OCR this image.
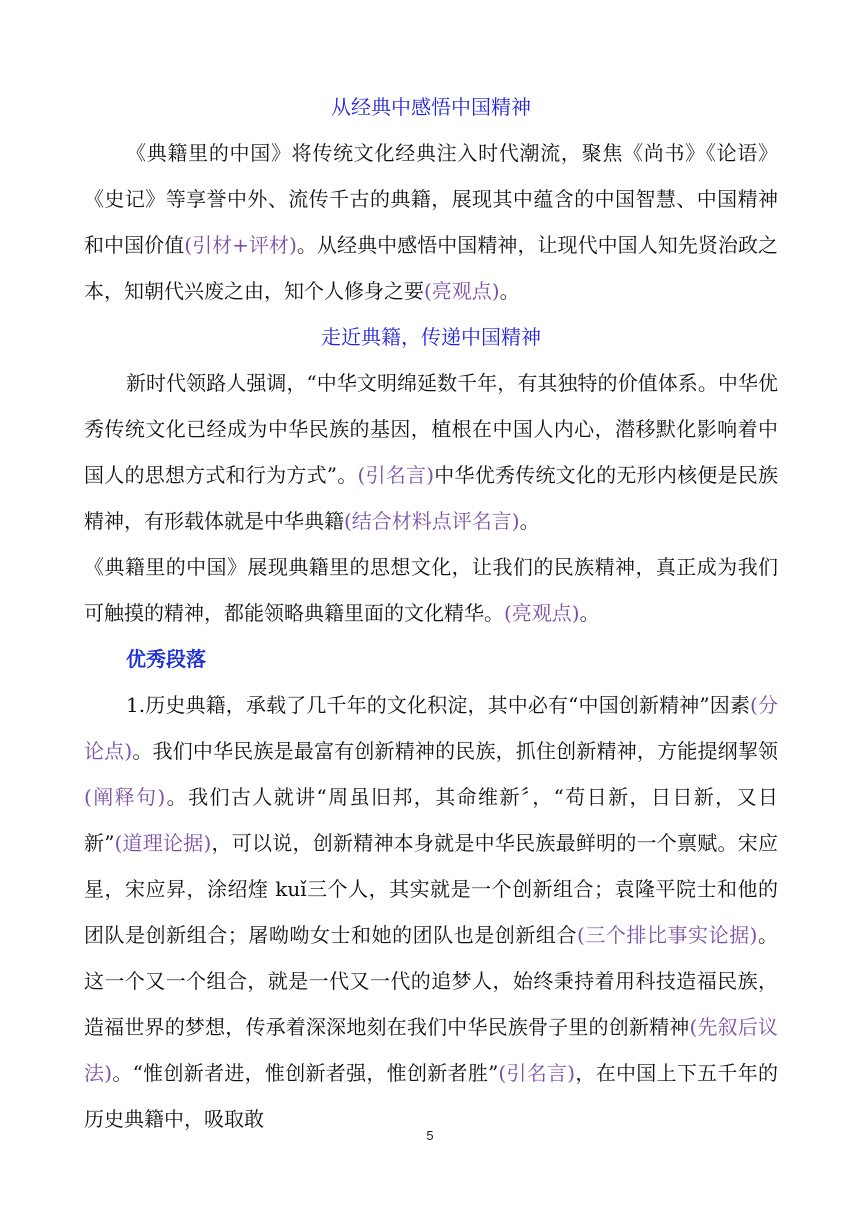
从经典中感悟中国精神

《典籍里的中国》将传统文化经典注入时代潮流，聚焦《尚书》《论语》《史记》等享誉中外、流传千古的典籍，展现其中蕴含的中国智慧、中国精神和中国价值(引材+评材)。从经典中感悟中国精神，让现代中国人知先贤治政之本，知朝代兴废之由，知个人修身之要(亮观点)。

走近典籍，传递中国精神

新时代领路人强调，“中华文明绵延数千年，有其独特的价值体系。中华优秀传统文化已经成为中华民族的基因，植根在中国人内心，潜移默化影响着中国人的思想方式和行为方式”。(引名言)中华优秀传统文化的无形内核便是民族精神，有形载体就是中华典籍(结合材料点评名言)。

《典籍里的中国》展现典籍里的思想文化，让我们的民族精神，真正成为我们可触摸的精神，都能领略典籍里面的文化精华。(亮观点)。

优秀段落

1.历史典籍，承载了几千年的文化积淀，其中必有“中国创新精神”因素(分论点)。我们中华民族是最富有创新精神的民族，抓住创新精神，方能提纲挈领(阐释句)。我们古人就讲“周虽旧邦，其命维新〞，“苟日新，日日新，又日新”(道理论据)，可以说，创新精神本身就是中华民族最鲜明的一个禀赋。宋应星，宋应昇，涂绍煃 kuǐ三个人，其实就是一个创新组合；袁隆平院士和他的团队是创新组合；屠呦呦女士和她的团队也是创新组合(三个排比事实论据)。这一个又一个组合，就是一代又一代的追梦人，始终秉持着用科技造福民族，造福世界的梦想，传承着深深地刻在我们中华民族骨子里的创新精神(先叙后议法)。“惟创新者进，惟创新者强，惟创新者胜”(引名言)，在中国上下五千年的历史典籍中，吸取敢

5
